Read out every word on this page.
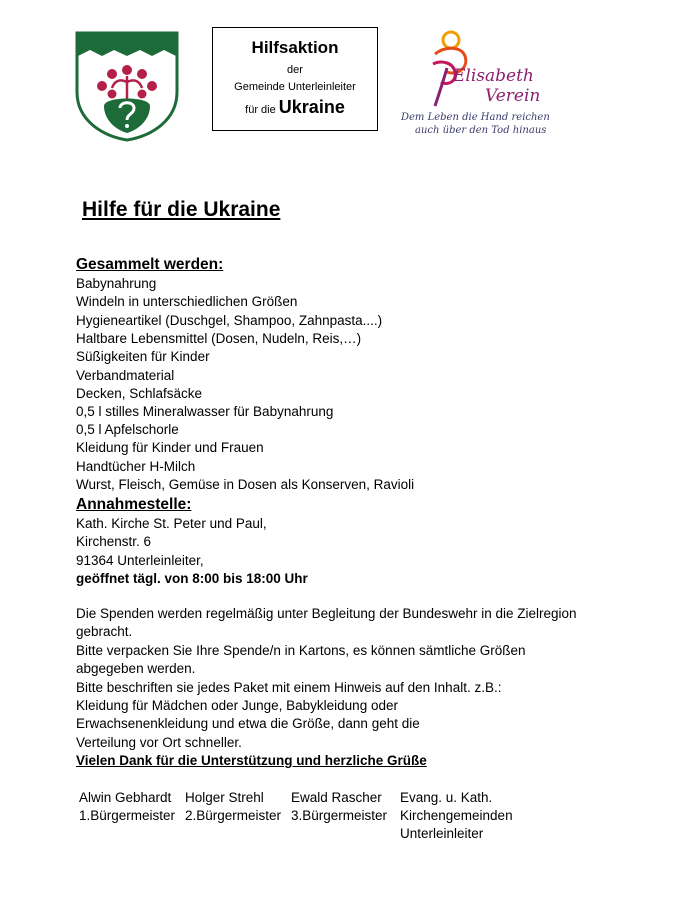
Hilfsaktion
der
Gemeinde Unterleinleiter
für die Ukraine
Elisabeth
Verein
Dem Leben die Hand reichen
auch über den Tod hinaus
Hilfe für die Ukraine
Gesammelt werden:
Babynahrung
Windeln in unterschiedlichen Größen
Hygieneartikel (Duschgel, Shampoo, Zahnpasta....)
Haltbare Lebensmittel (Dosen, Nudeln, Reis,…)
Süßigkeiten für Kinder
Verbandmaterial
Decken, Schlafsäcke
0,5 l stilles Mineralwasser für Babynahrung
0,5 l Apfelschorle
Kleidung für Kinder und Frauen
Handtücher H-Milch
Wurst, Fleisch, Gemüse in Dosen als Konserven, Ravioli
Annahmestelle:
Kath. Kirche St. Peter und Paul,
Kirchenstr. 6
91364 Unterleinleiter,
geöffnet tägl. von 8:00 bis 18:00 Uhr
Die Spenden werden regelmäßig unter Begleitung der Bundeswehr in die Zielregion
gebracht.
Bitte verpacken Sie Ihre Spende/n in Kartons, es können sämtliche Größen
abgegeben werden.
Bitte beschriften sie jedes Paket mit einem Hinweis auf den Inhalt. z.B.:
Kleidung für Mädchen oder Junge, Babykleidung oder
Erwachsenenkleidung und etwa die Größe, dann geht die
Verteilung vor Ort schneller.
Vielen Dank für die Unterstützung und herzliche Grüße
Alwin Gebhardt
1.Bürgermeister
Holger Strehl
2.Bürgermeister
Ewald Rascher
3.Bürgermeister
Evang. u. Kath.
Kirchengemeinden
Unterleinleiter
